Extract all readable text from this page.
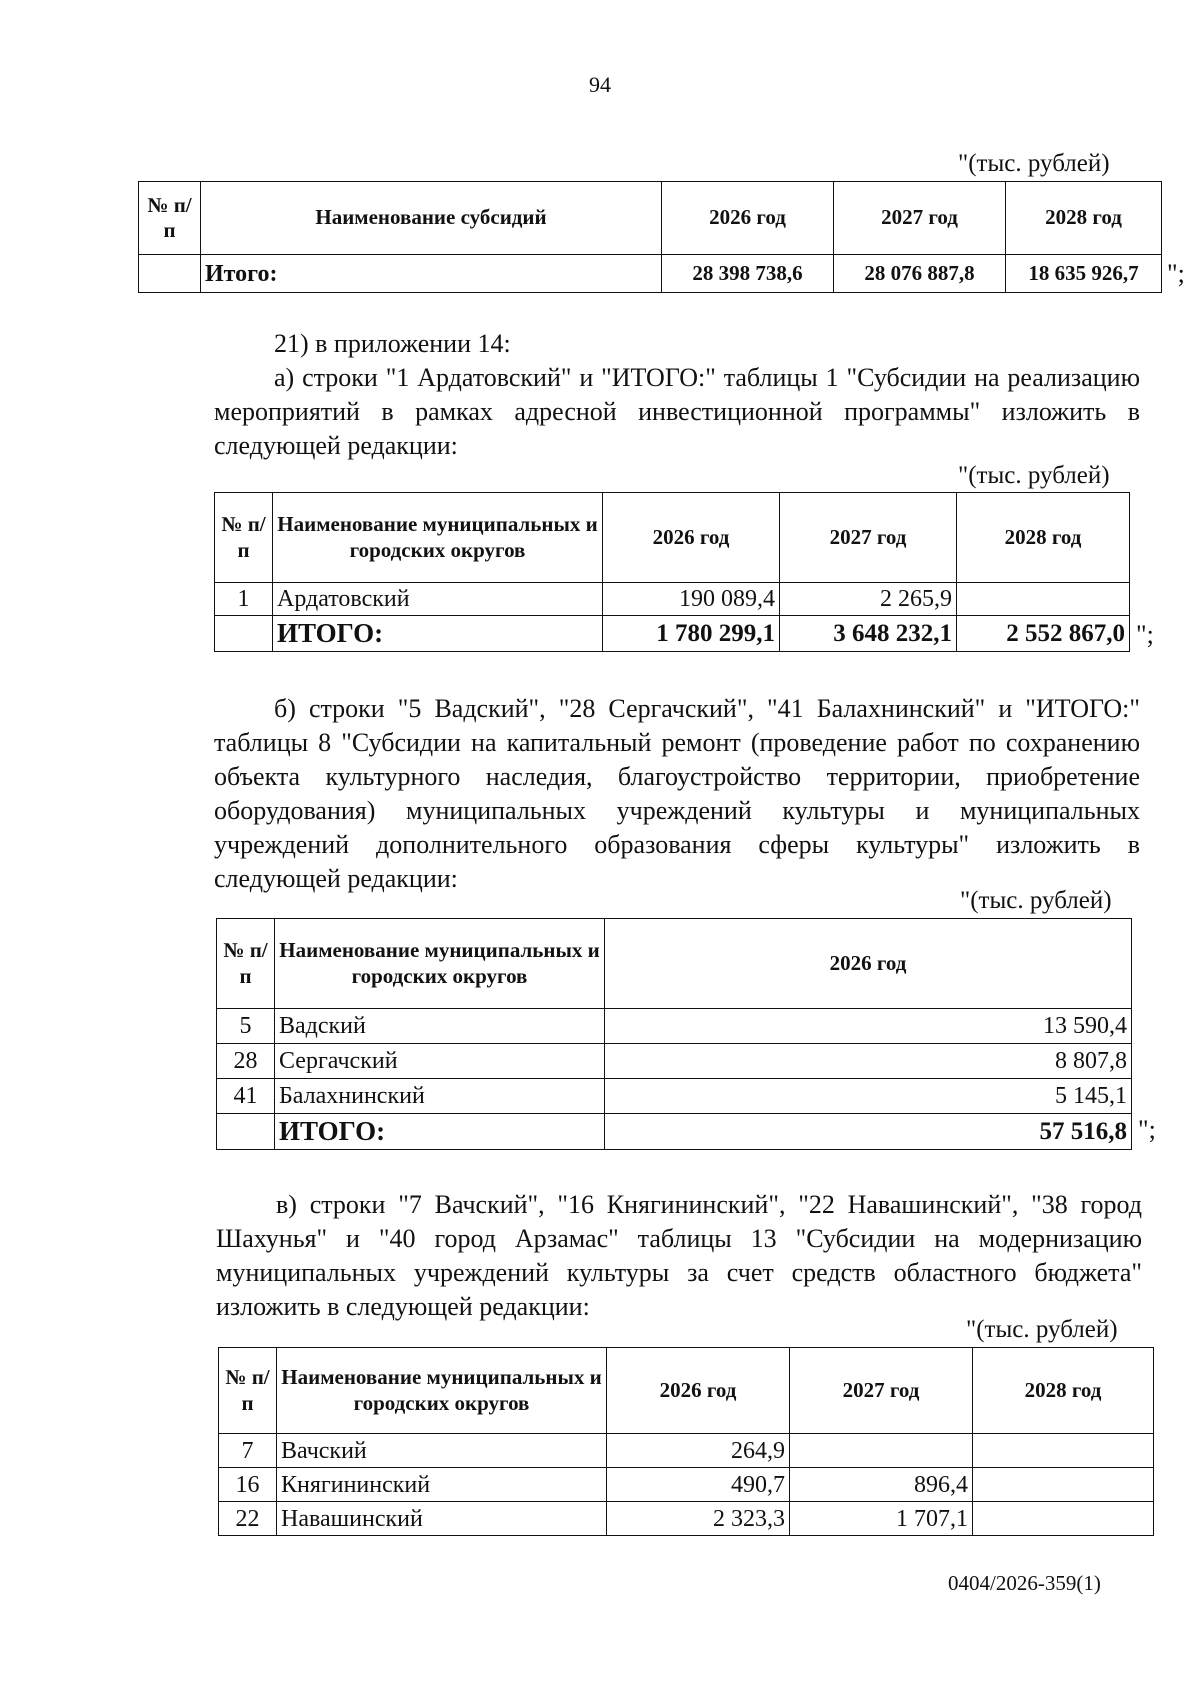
94
"(тыс. рублей)
№ п/п	Наименование субсидий	2026 год	2027 год	2028 год
	Итого:	28 398 738,6	28 076 887,8	18 635 926,7 ";

21) в приложении 14:

а) строки "1 Ардатовский" и "ИТОГО:" таблицы 1 "Субсидии на реализацию мероприятий в рамках адресной инвестиционной программы" изложить в следующей редакции:

"(тыс. рублей)
№ п/п	Наименование муниципальных и городских округов	2026 год	2027 год	2028 год
1	Ардатовский	190 089,4	2 265,9	
	ИТОГО:	1 780 299,1	3 648 232,1	2 552 867,0 ";

б) строки "5 Вадский", "28 Сергачский", "41 Балахнинский" и "ИТОГО:" таблицы 8 "Субсидии на капитальный ремонт (проведение работ по сохранению объекта культурного наследия, благоустройство территории, приобретение оборудования) муниципальных учреждений культуры и муниципальных учреждений дополнительного образования сферы культуры" изложить в следующей редакции:

"(тыс. рублей)
№ п/п	Наименование муниципальных и городских округов	2026 год
5	Вадский	13 590,4
28	Сергачский	8 807,8
41	Балахнинский	5 145,1
	ИТОГО:	57 516,8 ";

в) строки "7 Вачский", "16 Княгининский", "22 Навашинский", "38 город Шахунья" и "40 город Арзамас" таблицы 13 "Субсидии на модернизацию муниципальных учреждений культуры за счет средств областного бюджета" изложить в следующей редакции:

"(тыс. рублей)
№ п/п	Наименование муниципальных и городских округов	2026 год	2027 год	2028 год
7	Вачский	264,9		
16	Княгининский	490,7	896,4	
22	Навашинский	2 323,3	1 707,1	
0404/2026-359(1)
